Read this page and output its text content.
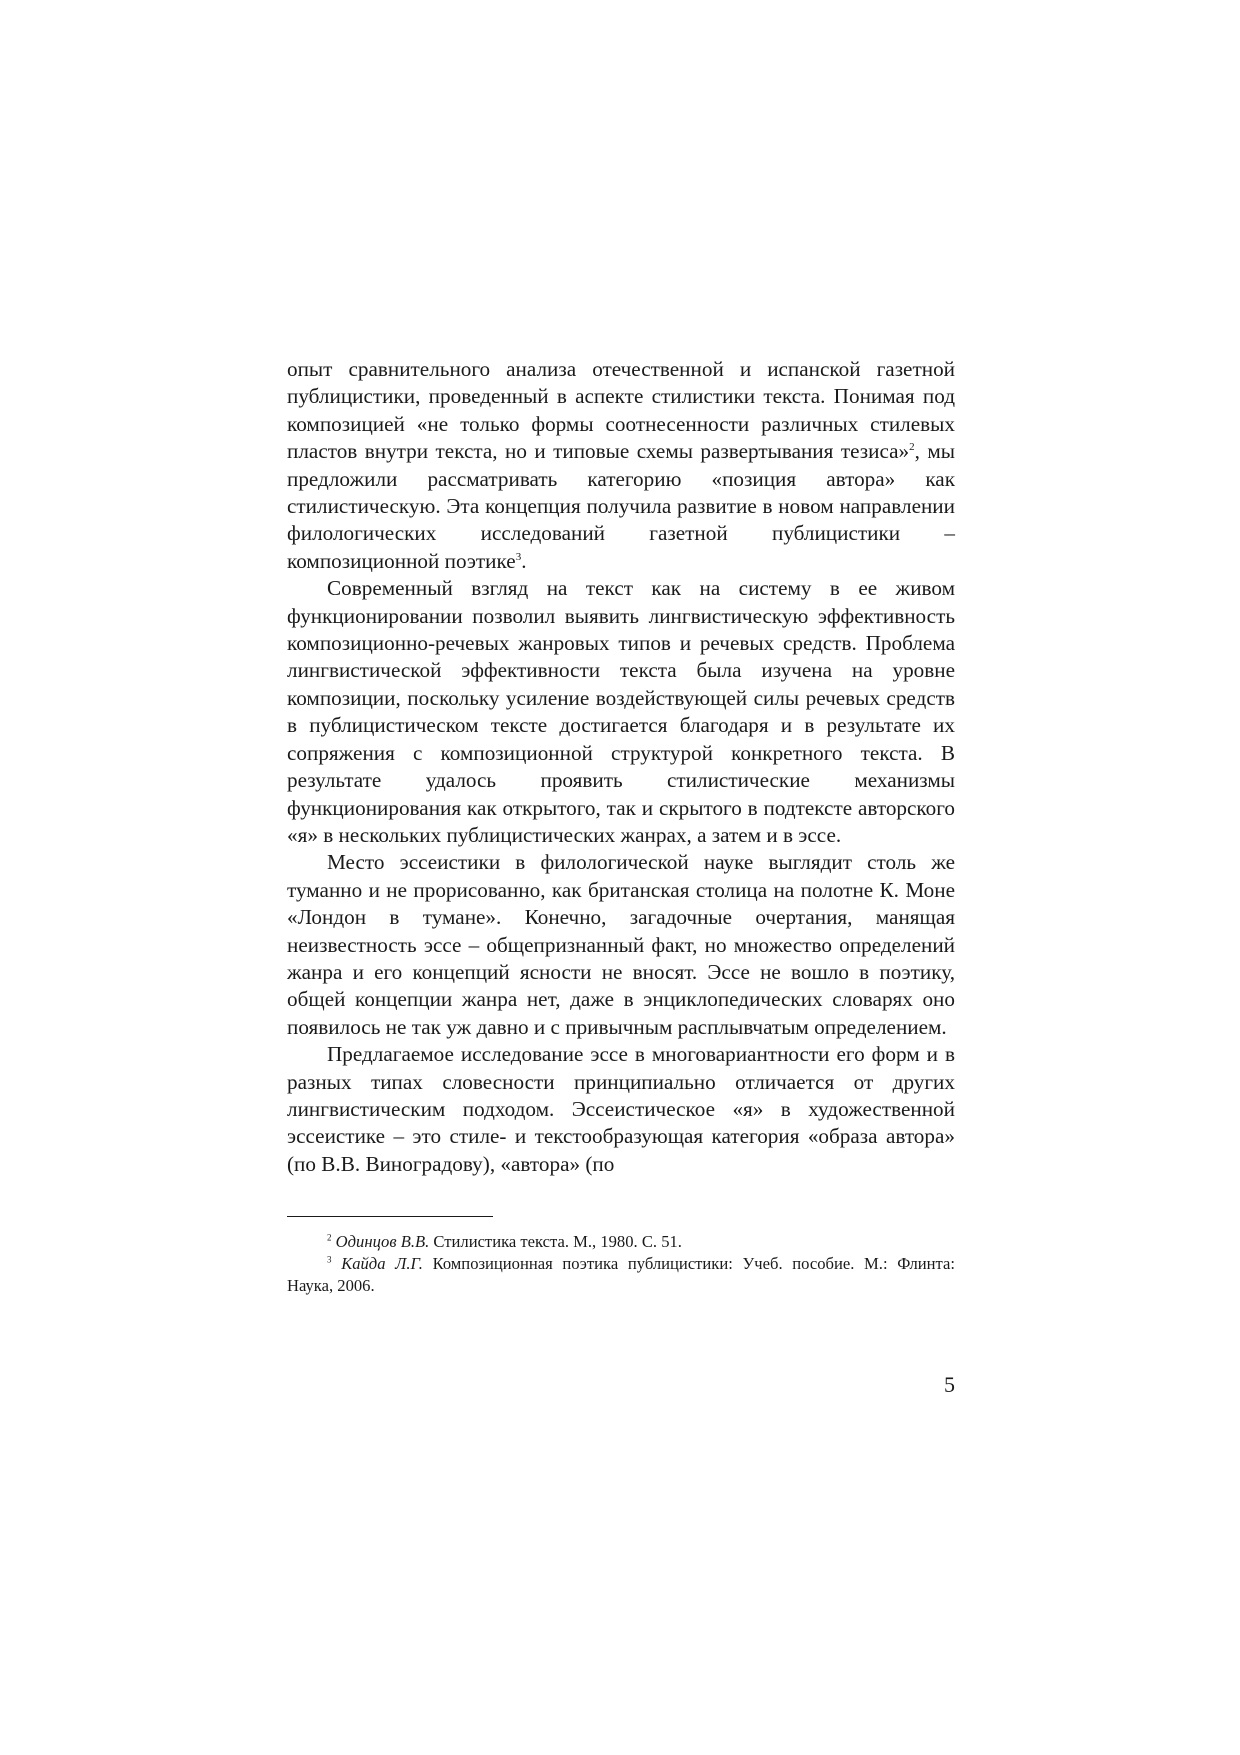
опыт сравнительного анализа отечественной и испанской газетной публицистики, проведенный в аспекте стилистики текста. Понимая под композицией «не только формы соотнесенности различных стилевых пластов внутри текста, но и типовые схемы развертывания тезиса»$^2$, мы предложили рассматривать категорию «позиция автора» как стилистическую. Эта концепция получила развитие в новом направлении филологических исследований газетной публицистики – композиционной поэтике$^3$.

Современный взгляд на текст как на систему в ее живом функционировании позволил выявить лингвистическую эффективность композиционно-речевых жанровых типов и речевых средств. Проблема лингвистической эффективности текста была изучена на уровне композиции, поскольку усиление воздействующей силы речевых средств в публицистическом тексте достигается благодаря и в результате их сопряжения с композиционной структурой конкретного текста. В результате удалось проявить стилистические механизмы функционирования как открытого, так и скрытого в подтексте авторского «я» в нескольких публицистических жанрах, а затем и в эссе.

Место эссеистики в филологической науке выглядит столь же туманно и не прорисованно, как британская столица на полотне К. Моне «Лондон в тумане». Конечно, загадочные очертания, манящая неизвестность эссе – общепризнанный факт, но множество определений жанра и его концепций ясности не вносят. Эссе не вошло в поэтику, общей концепции жанра нет, даже в энциклопедических словарях оно появилось не так уж давно и с привычным расплывчатым определением.

Предлагаемое исследование эссе в многовариантности его форм и в разных типах словесности принципиально отличается от других лингвистическим подходом. Эссеистическое «я» в художественной эссеистике – это стиле- и текстообразующая категория «образа автора» (по В.В. Виноградову), «автора» (по

$^2$ Одинцов В.В. Стилистика текста. М., 1980. С. 51.

$^3$ Кайда Л.Г. Композиционная поэтика публицистики: Учеб. пособие. М.: Флинта: Наука, 2006.

5
